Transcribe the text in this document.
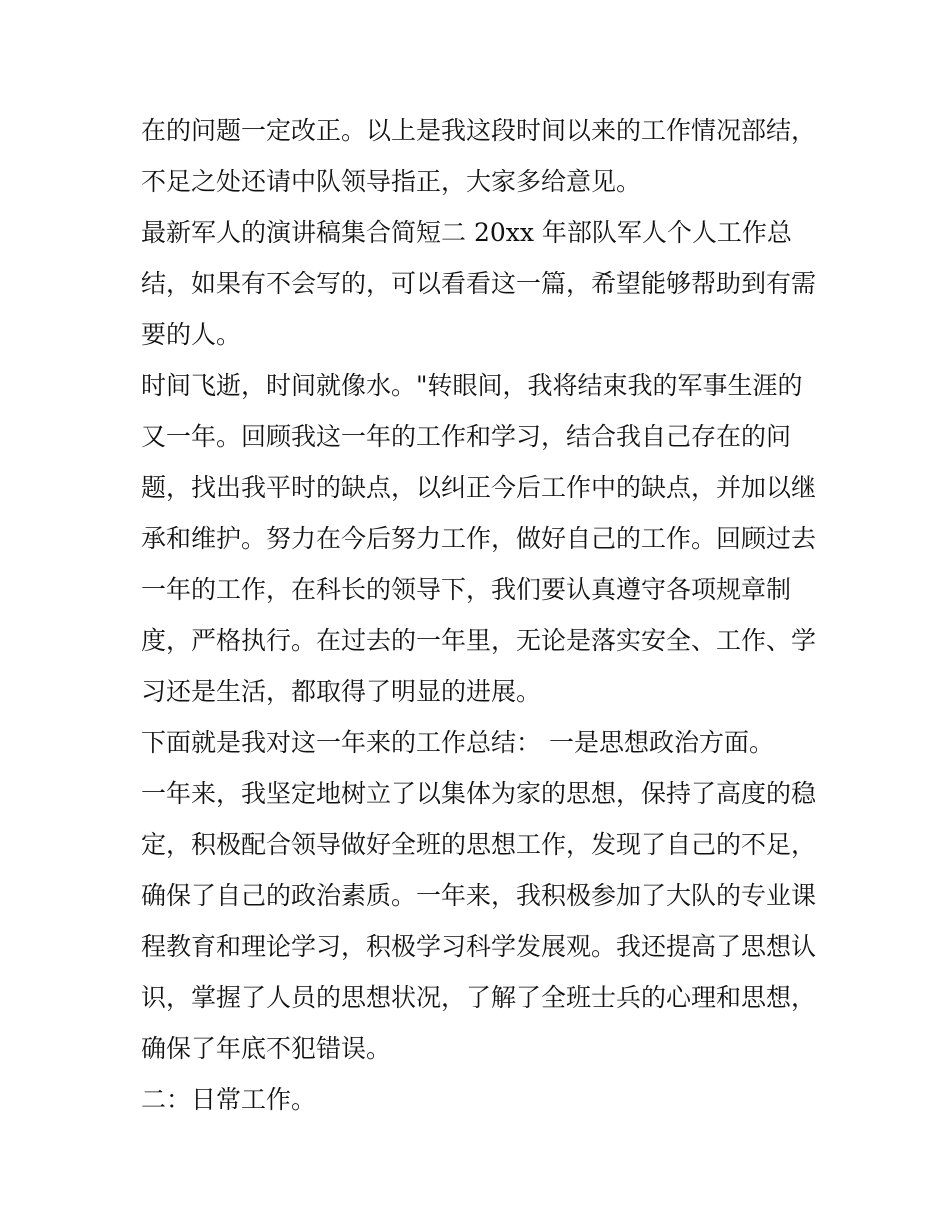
在的问题一定改正。以上是我这段时间以来的工作情况部结，
不足之处还请中队领导指正，大家多给意见。
最新军人的演讲稿集合简短二 20xx 年部队军人个人工作总
结，如果有不会写的，可以看看这一篇，希望能够帮助到有需
要的人。
时间飞逝，时间就像水。"转眼间，我将结束我的军事生涯的
又一年。回顾我这一年的工作和学习，结合我自己存在的问
题，找出我平时的缺点，以纠正今后工作中的缺点，并加以继
承和维护。努力在今后努力工作，做好自己的工作。回顾过去
一年的工作，在科长的领导下，我们要认真遵守各项规章制
度，严格执行。在过去的一年里，无论是落实安全、工作、学
习还是生活，都取得了明显的进展。
下面就是我对这一年来的工作总结： 一是思想政治方面。
一年来，我坚定地树立了以集体为家的思想，保持了高度的稳
定，积极配合领导做好全班的思想工作，发现了自己的不足，
确保了自己的政治素质。一年来，我积极参加了大队的专业课
程教育和理论学习，积极学习科学发展观。我还提高了思想认
识，掌握了人员的思想状况，了解了全班士兵的心理和思想，
确保了年底不犯错误。
二：日常工作。
